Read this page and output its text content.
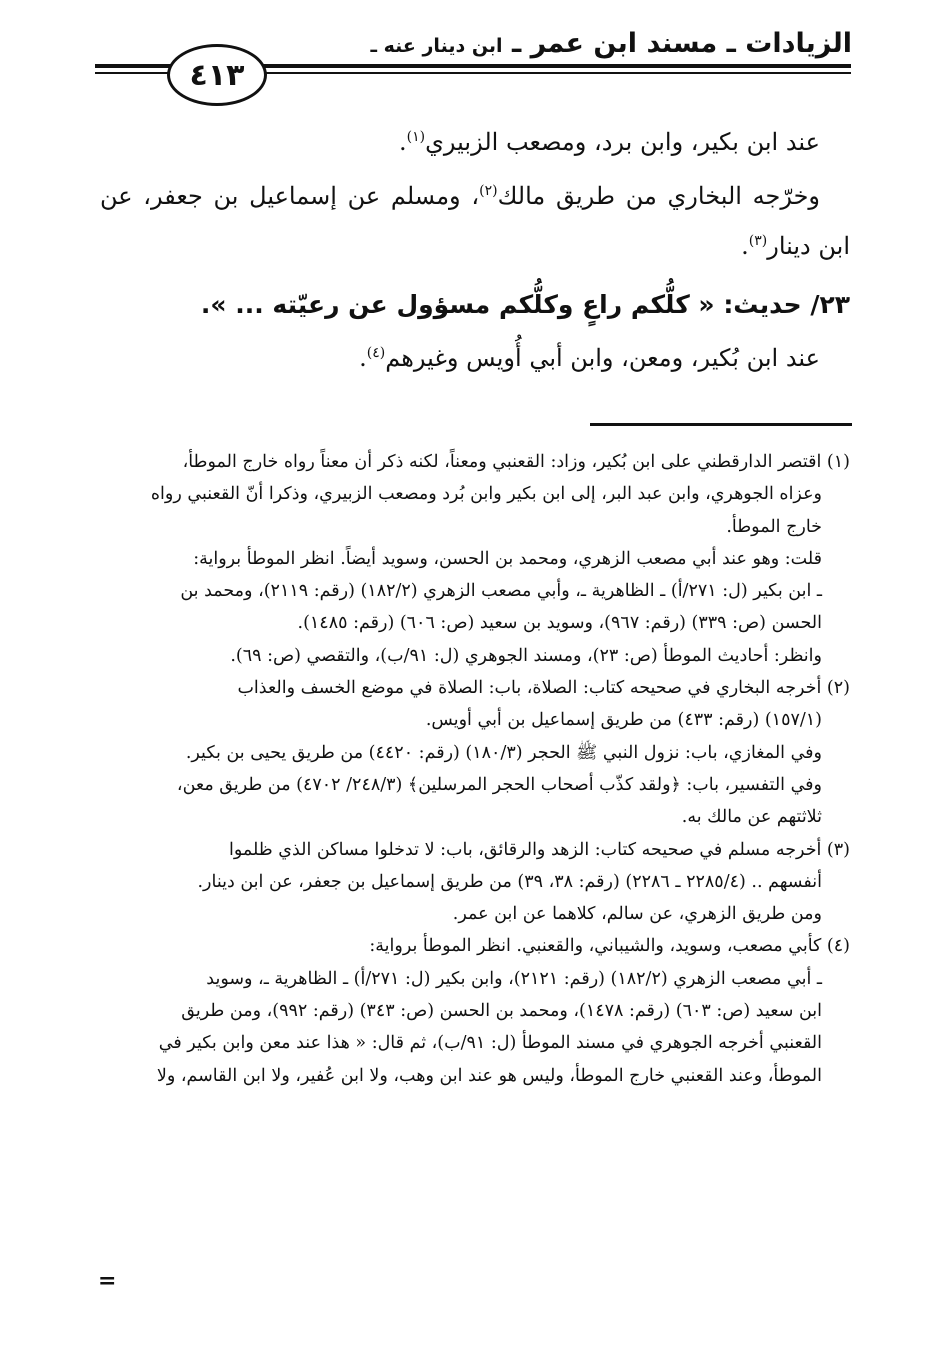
الزيادات ـ مسند ابن عمر ـ ابن دينار عنه ـ
٤١٣

عند ابن بكير، وابن برد، ومصعب الزبيري$^{(١)}$.

وخرّجه البخاري من طريق مالك$^{(٢)}$، ومسلم عن إسماعيل بن جعفر، عن ابن دينار$^{(٣)}$.

٢٣/ حديث: « كلُّكم راعٍ وكلُّكم مسؤول عن رعيّته ... ».

عند ابن بُكير، ومعن، وابن أبي أُويس وغيرهم$^{(٤)}$.

(١) اقتصر الدارقطني على ابن بُكير، وزاد: القعنبي ومعناً، لكنه ذكر أن معناً رواه خارج الموطأ،

وعزاه الجوهري، وابن عبد البر، إلى ابن بكير وابن بُرد ومصعب الزبيري، وذكرا أنّ القعنبي رواه

خارج الموطأ.

قلت: وهو عند أبي مصعب الزهري، ومحمد بن الحسن، وسويد أيضاً. انظر الموطأ برواية:

ـ ابن بكير (ل: ٢٧١/أ) ـ الظاهرية ـ، وأبي مصعب الزهري (١٨٢/٢) (رقم: ٢١١٩)، ومحمد بن

الحسن (ص: ٣٣٩) (رقم: ٩٦٧)، وسويد بن سعيد (ص: ٦٠٦) (رقم: ١٤٨٥).

وانظر: أحاديث الموطأ (ص: ٢٣)، ومسند الجوهري (ل: ٩١/ب)، والتقصي (ص: ٦٩).

(٢) أخرجه البخاري في صحيحه كتاب: الصلاة، باب: الصلاة في موضع الخسف والعذاب

(١٥٧/١) (رقم: ٤٣٣) من طريق إسماعيل بن أبي أويس.

وفي المغازي، باب: نزول النبي ﷺ الحجر (١٨٠/٣) (رقم: ٤٤٢٠) من طريق يحيى بن بكير.

وفي التفسير، باب: ﴿ولقد كذّب أصحاب الحجر المرسلين﴾ (٢٤٨/٣/ ٤٧٠٢) من طريق معن،

ثلاثتهم عن مالك به.

(٣) أخرجه مسلم في صحيحه كتاب: الزهد والرقائق، باب: لا تدخلوا مساكن الذي ظلموا

أنفسهم .. (٢٢٨٥/٤ ـ ٢٢٨٦) (رقم: ٣٨، ٣٩) من طريق إسماعيل بن جعفر، عن ابن دينار.

ومن طريق الزهري، عن سالم، كلاهما عن ابن عمر.

(٤) كأبي مصعب، وسويد، والشيباني، والقعنبي. انظر الموطأ برواية:

ـ أبي مصعب الزهري (١٨٢/٢) (رقم: ٢١٢١)، وابن بكير (ل: ٢٧١/أ) ـ الظاهرية ـ، وسويد

ابن سعيد (ص: ٦٠٣) (رقم: ١٤٧٨)، ومحمد بن الحسن (ص: ٣٤٣) (رقم: ٩٩٢)، ومن طريق

القعنبي أخرجه الجوهري في مسند الموطأ (ل: ٩١/ب)، ثم قال: « هذا عند معن وابن بكير في

الموطأ، وعند القعنبي خارج الموطأ، وليس هو عند ابن وهب، ولا ابن عُفير، ولا ابن القاسم، ولا

=
